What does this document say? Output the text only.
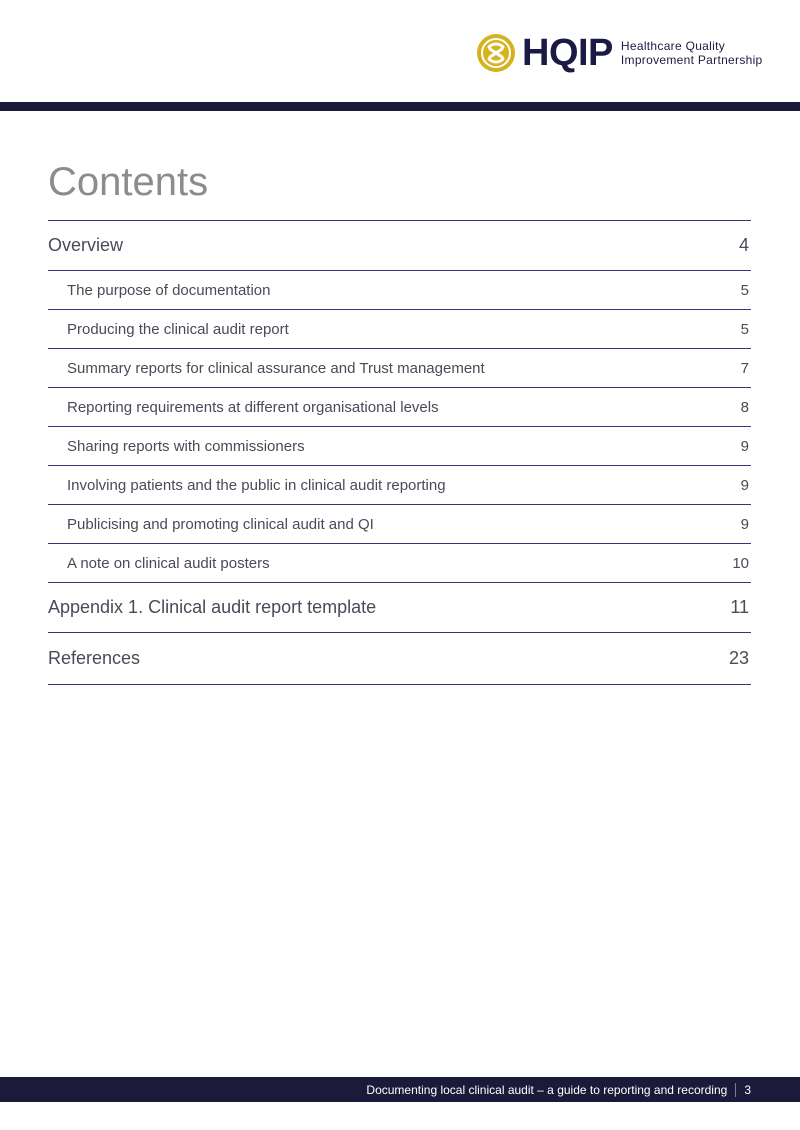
HQIP Healthcare Quality
Improvement Partnership
Contents
Overview	4
The purpose of documentation	5
Producing the clinical audit report	5
Summary reports for clinical assurance and Trust management	7
Reporting requirements at different organisational levels	8
Sharing reports with commissioners	9
Involving patients and the public in clinical audit reporting	9
Publicising and promoting clinical audit and QI	9
A note on clinical audit posters	10
Appendix 1. Clinical audit report template	11
References	23
Documenting local clinical audit – a guide to reporting and recording 3
